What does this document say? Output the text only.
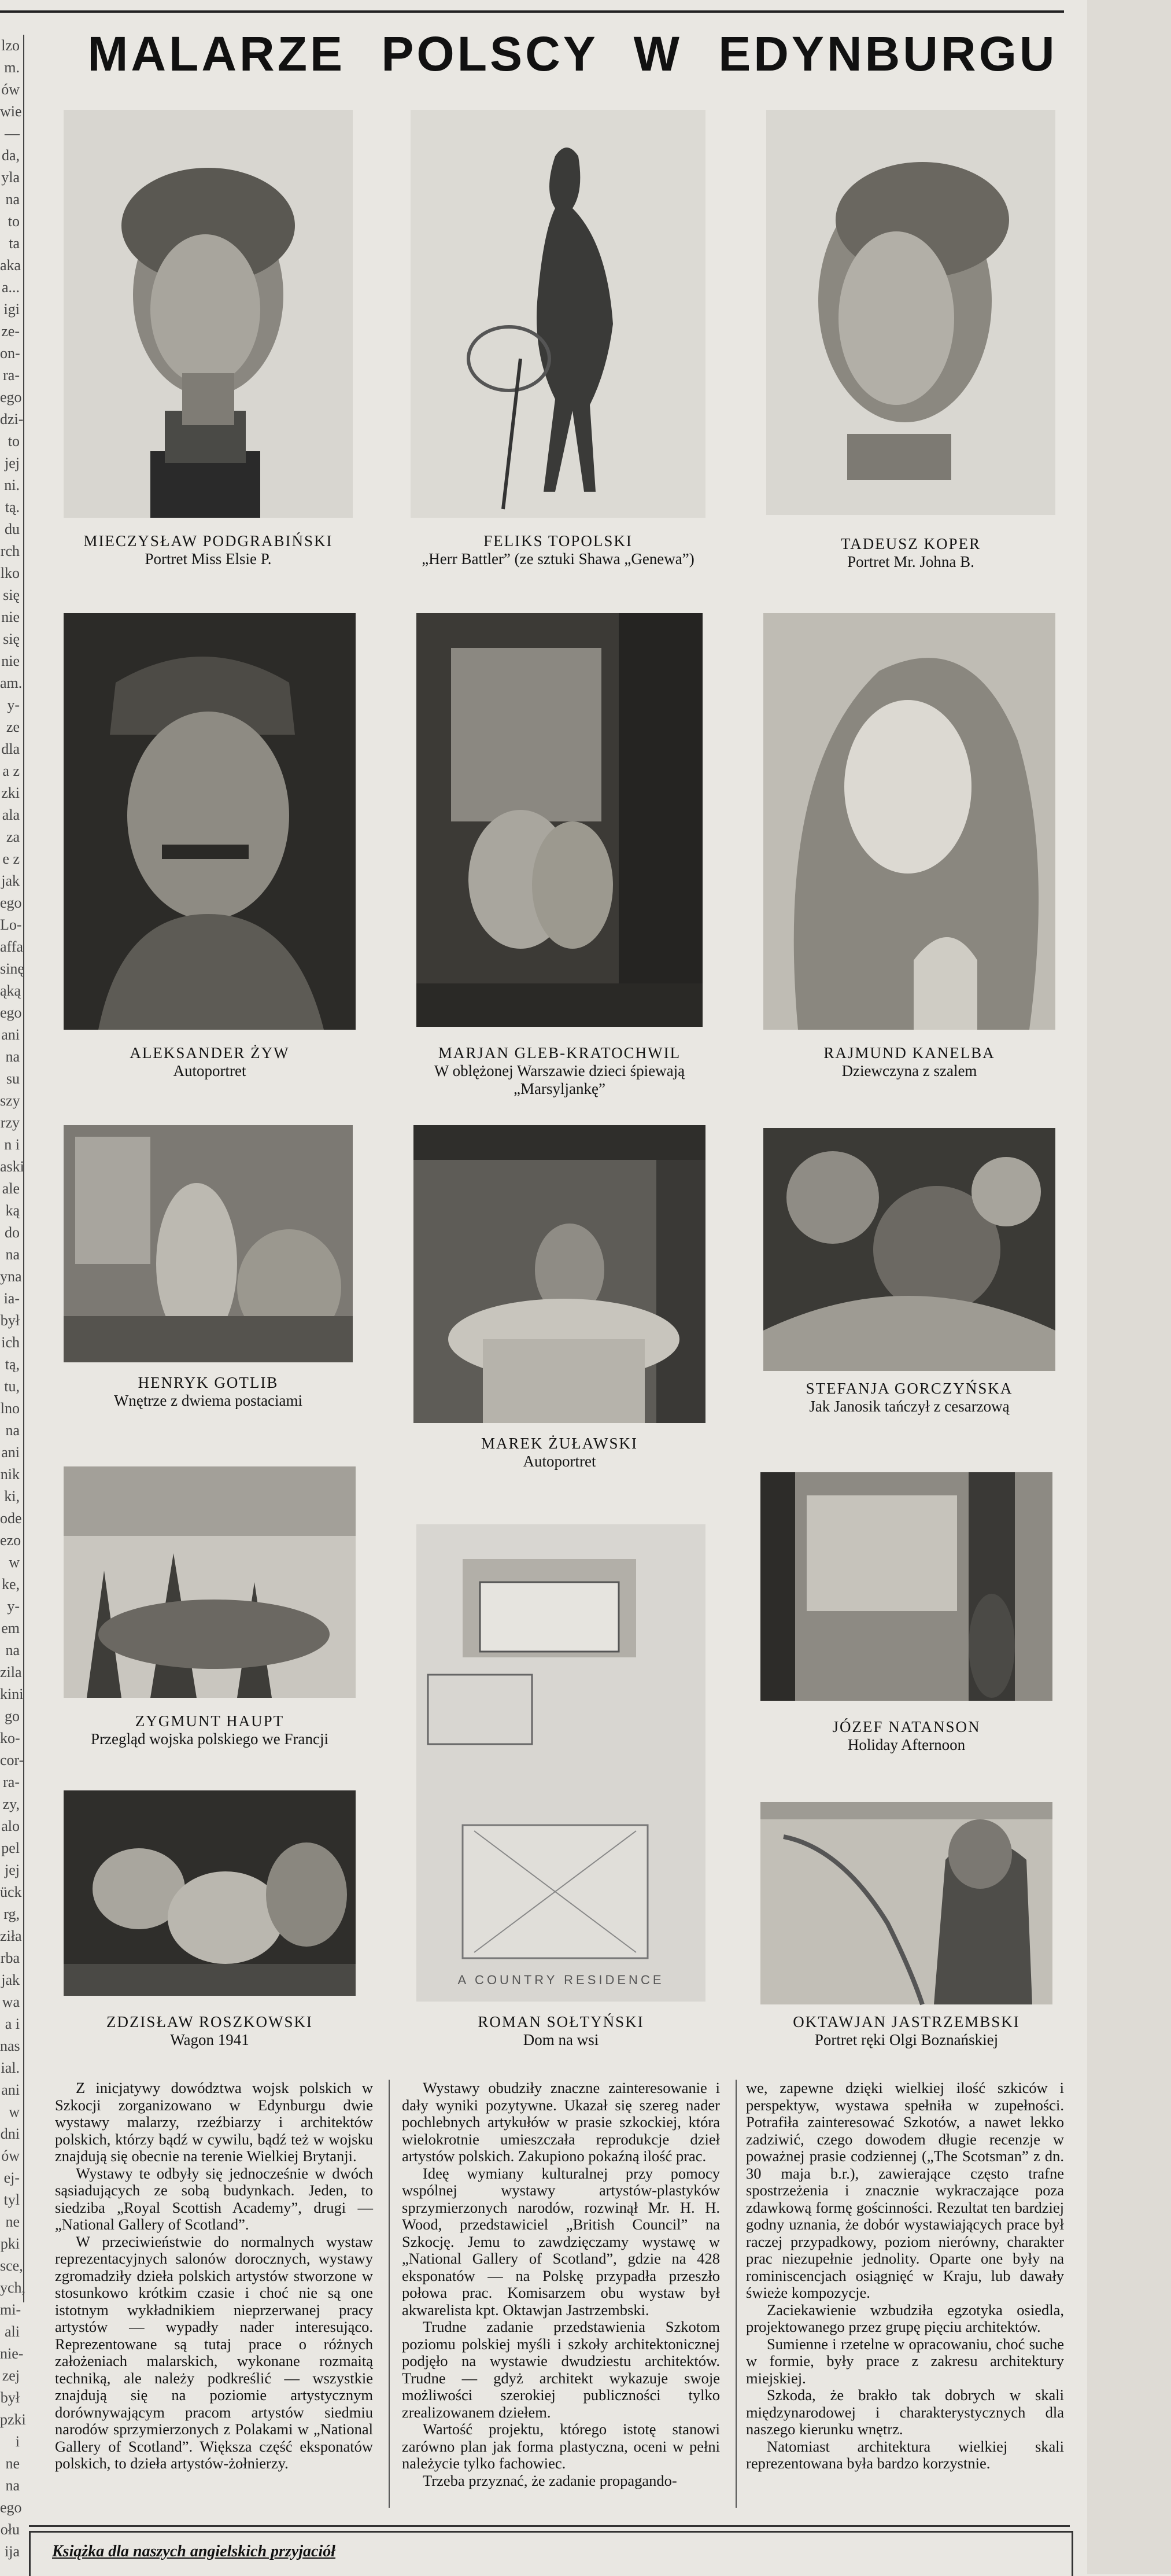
lzo
m.
ów
wie
—
da,
yla
na
to
ta
aka
a...
igi
ze-
on-
ra-
ego
dzi-
to
jej
ni.
tą.
du
rch
lko
się
nie
się
nie
am.
y-
ze
dla
a z
zki
ala
za
e z
jak
ego
Lo-
affa
sinę
ąką
ego
ani
na
su
szy
rzy
n i
aski
ale
ką
do
na
yna
ia-
był
ich
tą,
tu,
lno
na
ani
nik
ki,
ode
ezo
w
ke,
y-
em
na
zila
kini
go
ko-
cor-
ra-
zy,
alo
pel
jej
ück
rg,
ziła
rba
jak
wa
a i
nas
ial.
ani
w
dni
ów
ej-
tyl
ne
pki
sce,
ych,
mi-
ali
nie-
zej
był
pzki
i
ne
na
ego
ołu
ija
MALARZE POLSCY W EDYNBURGU
MIECZYSŁAW PODGRABIŃSKI
Portret Miss Elsie P.
FELIKS TOPOLSKI
„Herr Battler” (ze sztuki Shawa „Genewa”)
TADEUSZ KOPER
Portret Mr. Johna B.
ALEKSANDER ŻYW
Autoportret
MARJAN GLEB-KRATOCHWIL
W oblężonej Warszawie dzieci śpiewają
„Marsyljankę”
RAJMUND KANELBA
Dziewczyna z szalem
HENRYK GOTLIB
Wnętrze z dwiema postaciami
MAREK ŻUŁAWSKI
Autoportret
STEFANJA GORCZYŃSKA
Jak Janosik tańczył z cesarzową
A COUNTRY RESIDENCE
ZYGMUNT HAUPT
Przegląd wojska polskiego we Francji
JÓZEF NATANSON
Holiday Afternoon
ZDZISŁAW ROSZKOWSKI
Wagon 1941
ROMAN SOŁTYŃSKI
Dom na wsi
OKTAWJAN JASTRZEMBSKI
Portret ręki Olgi Boznańskiej

Z inicjatywy dowództwa wojsk polskich w Szkocji zorganizowano w Edynburgu dwie wystawy malarzy, rzeźbiarzy i architektów polskich, którzy bądź w cywilu, bądź też w wojsku znajdują się obecnie na terenie Wielkiej Brytanji.

Wystawy te odbyły się jednocześnie w dwóch sąsiadujących ze sobą budynkach. Jeden, to siedziba „Royal Scottish Academy”, drugi — „National Gallery of Scotland”.

W przeciwieństwie do normalnych wystaw reprezentacyjnych salonów dorocznych, wystawy zgromadziły dzieła polskich artystów stworzone w stosunkowo krótkim czasie i choć nie są one istotnym wykładnikiem nieprzerwanej pracy artystów — wypadły nader interesująco. Reprezentowane są tutaj prace o różnych założeniach malarskich, wykonane rozmaitą techniką, ale należy podkreślić — wszystkie znajdują się na poziomie artystycznym dorównywającym pracom artystów siedmiu narodów sprzymierzonych z Polakami w „National Gallery of Scotland”. Większa część eksponatów polskich, to dzieła artystów-żołnierzy.

Wystawy obudziły znaczne zainteresowanie i dały wyniki pozytywne. Ukazał się szereg nader pochlebnych artykułów w prasie szkockiej, która wielokrotnie umieszczała reprodukcje dzieł artystów polskich. Zakupiono pokaźną ilość prac.

Ideę wymiany kulturalnej przy pomocy wspólnej wystawy artystów-plastyków sprzymierzonych narodów, rozwinął Mr. H. H. Wood, przedstawiciel „British Council” na Szkocję. Jemu to zawdzięczamy wystawę w „National Gallery of Scotland”, gdzie na 428 eksponatów — na Polskę przypadła przeszło połowa prac. Komisarzem obu wystaw był akwarelista kpt. Oktawjan Jastrzembski.

Trudne zadanie przedstawienia Szkotom poziomu polskiej myśli i szkoły architektonicznej podjęło na wystawie dwudziestu architektów. Trudne — gdyż architekt wykazuje swoje możliwości szerokiej publiczności tylko zrealizowanem dziełem.

Wartość projektu, którego istotę stanowi zarówno plan jak forma plastyczna, oceni w pełni należycie tylko fachowiec.

Trzeba przyznać, że zadanie propagando-

we, zapewne dzięki wielkiej ilość szkiców i perspektyw, wystawa spełniła w zupełności. Potrafiła zainteresować Szkotów, a nawet lekko zadziwić, czego dowodem długie recenzje w poważnej prasie codziennej („The Scotsman” z dn. 30 maja b.r.), zawierające często trafne spostrzeżenia i znacznie wykraczające poza zdawkową formę gościnności. Rezultat ten bardziej godny uznania, że dobór wystawiających prace był raczej przypadkowy, poziom nierówny, charakter prac niezupełnie jednolity. Oparte one były na rominiscencjach osiągnięć w Kraju, lub dawały świeże kompozycje.

Zaciekawienie wzbudziła egzotyka osiedla, projektowanego przez grupę pięciu architektów.

Sumienne i rzetelne w opracowaniu, choć suche w formie, były prace z zakresu architektury miejskiej.

Szkoda, że brakło tak dobrych w skali międzynarodowej i charakterystycznych dla naszego kierunku wnętrz.

Natomiast architektura wielkiej skali reprezentowana była bardzo korzystnie.

Książka dla naszych angielskich przyjaciół
